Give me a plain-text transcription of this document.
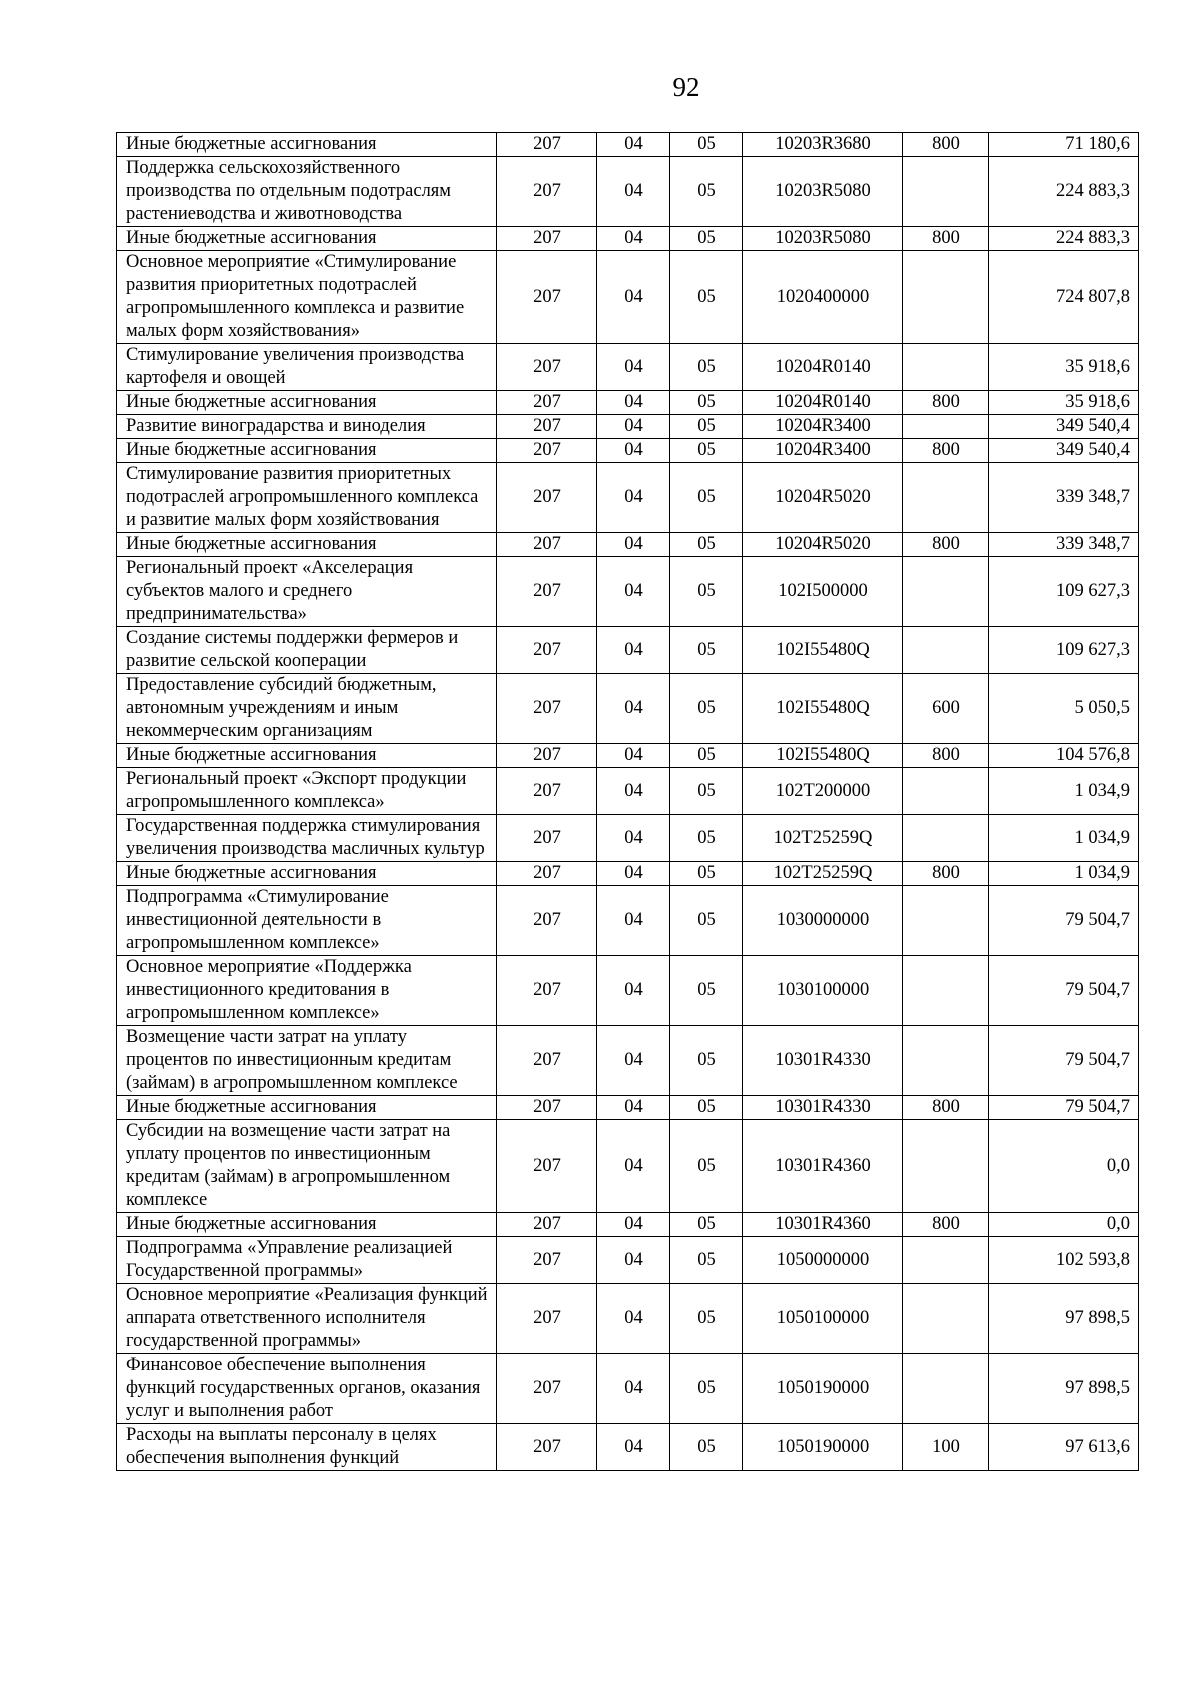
92
Иные бюджетные ассигнования	207	04	05	10203R3680	800	71 180,6
Поддержка сельскохозяйственного производства по отдельным подотраслям растениеводства и животноводства	207	04	05	10203R5080		224 883,3
Иные бюджетные ассигнования	207	04	05	10203R5080	800	224 883,3
Основное мероприятие «Стимулирование развития приоритетных подотраслей агропромышленного комплекса и развитие малых форм хозяйствования»	207	04	05	1020400000		724 807,8
Стимулирование увеличения производства картофеля и овощей	207	04	05	10204R0140		35 918,6
Иные бюджетные ассигнования	207	04	05	10204R0140	800	35 918,6
Развитие виноградарства и виноделия	207	04	05	10204R3400		349 540,4
Иные бюджетные ассигнования	207	04	05	10204R3400	800	349 540,4
Стимулирование развития приоритетных подотраслей агропромышленного комплекса и развитие малых форм хозяйствования	207	04	05	10204R5020		339 348,7
Иные бюджетные ассигнования	207	04	05	10204R5020	800	339 348,7
Региональный проект «Акселерация субъектов малого и среднего предпринимательства»	207	04	05	102I500000		109 627,3
Создание системы поддержки фермеров и развитие сельской кооперации	207	04	05	102I55480Q		109 627,3
Предоставление субсидий бюджетным, автономным учреждениям и иным некоммерческим организациям	207	04	05	102I55480Q	600	5 050,5
Иные бюджетные ассигнования	207	04	05	102I55480Q	800	104 576,8
Региональный проект «Экспорт продукции агропромышленного комплекса»	207	04	05	102T200000		1 034,9
Государственная поддержка стимулирования увеличения производства масличных культур	207	04	05	102T25259Q		1 034,9
Иные бюджетные ассигнования	207	04	05	102T25259Q	800	1 034,9
Подпрограмма «Стимулирование инвестиционной деятельности в агропромышленном комплексе»	207	04	05	1030000000		79 504,7
Основное мероприятие «Поддержка инвестиционного кредитования в агропромышленном комплексе»	207	04	05	1030100000		79 504,7
Возмещение части затрат на уплату процентов по инвестиционным кредитам (займам) в агропромышленном комплексе	207	04	05	10301R4330		79 504,7
Иные бюджетные ассигнования	207	04	05	10301R4330	800	79 504,7
Субсидии на возмещение части затрат на уплату процентов по инвестиционным кредитам (займам) в агропромышленном комплексе	207	04	05	10301R4360		0,0
Иные бюджетные ассигнования	207	04	05	10301R4360	800	0,0
Подпрограмма «Управление реализацией Государственной программы»	207	04	05	1050000000		102 593,8
Основное мероприятие «Реализация функций аппарата ответственного исполнителя государственной программы»	207	04	05	1050100000		97 898,5
Финансовое обеспечение выполнения функций государственных органов, оказания услуг и выполнения работ	207	04	05	1050190000		97 898,5
Расходы на выплаты персоналу в целях обеспечения выполнения функций	207	04	05	1050190000	100	97 613,6
